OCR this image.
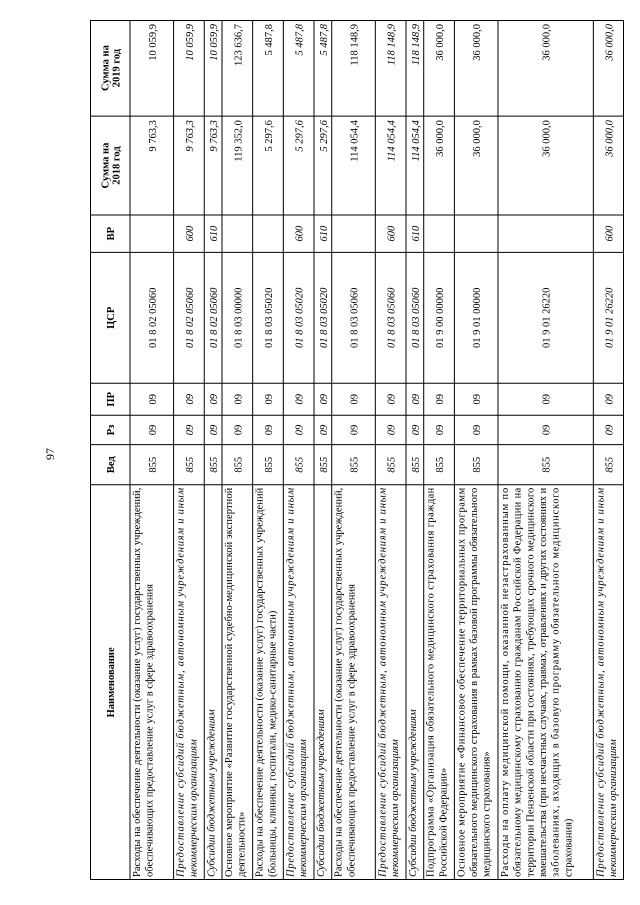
97
Наименование
Вед
Рз
ПР
ЦСР
ВР
Сумма на 2018 год
Сумма на 2019 год
Расходы на обеспечение деятельности (оказание услуг) государственных учреждений,
обеспечивающих предоставление услуг в сфере здравоохранения
855
09
09
01 8 02 05060
9 763,3
10 059,9
Предоставление субсидий бюджетным, автономным учреждениям и иным
некоммерческим организациям
855
09
09
01 8 02 05060
600
9 763,3
10 059,9
Субсидии бюджетным учреждениям
855
09
09
01 8 02 05060
610
9 763,3
10 059,9
Основное мероприятие «Развитие государственной судебно-медицинской экспертной
деятельности»
855
09
09
01 8 03 00000
119 352,0
123 636,7
Расходы на обеспечение деятельности (оказание услуг) государственных учреждений
(больницы, клиники, госпитали, медико-санитарные части)
855
09
09
01 8 03 05020
5 297,6
5 487,8
Предоставление субсидий бюджетным, автономным учреждениям и иным
некоммерческим организациям
855
09
09
01 8 03 05020
600
5 297,6
5 487,8
Субсидии бюджетным учреждениям
855
09
09
01 8 03 05020
610
5 297,6
5 487,8
Расходы на обеспечение деятельности (оказание услуг) государственных учреждений,
обеспечивающих предоставление услуг в сфере здравоохранения
855
09
09
01 8 03 05060
114 054,4
118 148,9
Предоставление субсидий бюджетным, автономным учреждениям и иным
некоммерческим организациям
855
09
09
01 8 03 05060
600
114 054,4
118 148,9
Субсидии бюджетным учреждениям
855
09
09
01 8 03 05060
610
114 054,4
118 148,9
Подпрограмма «Организация обязательного медицинского страхования граждан
Российской Федерации»
855
09
09
01 9 00 00000
36 000,0
36 000,0
Основное мероприятие «Финансовое обеспечение территориальных программ
обязательного медицинского страхования в рамках базовой программы обязательного
медицинского страхования»
855
09
09
01 9 01 00000
36 000,0
36 000,0
Расходы на оплату медицинской помощи, оказанной незастрахованным по
обязательному медицинскому страхованию гражданам Российской Федерации на
территории Пензенской области при состояниях, требующих срочного медицинского
вмешательства (при несчастных случаях, травмах, отравлениях и других состояниях и
заболеваниях, входящих в базовую программу обязательного медицинского
страхования)
855
09
09
01 9 01 26220
36 000,0
36 000,0
Предоставление субсидий бюджетным, автономным учреждениям и иным
некоммерческим организациям
855
09
09
01 9 01 26220
600
36 000,0
36 000,0
